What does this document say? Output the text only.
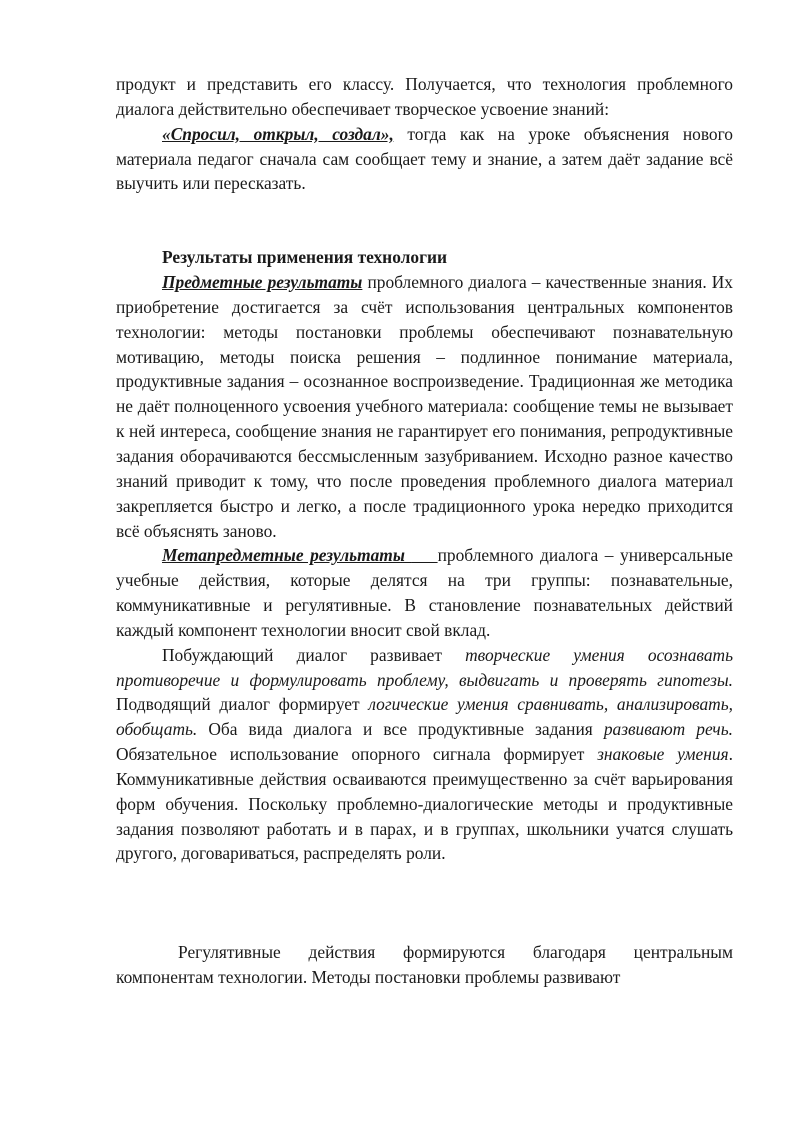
продукт и представить его классу. Получается, что технология проблемного диалога действительно обеспечивает творческое усвоение знаний:

«Спросил, открыл, создал», тогда как на уроке объяснения нового материала педагог сначала сам сообщает тему и знание, а затем даёт задание всё выучить или пересказать.

Результаты применения технологии

Предметные результаты проблемного диалога – качественные знания. Их приобретение достигается за счёт использования центральных компонентов технологии: методы постановки проблемы обеспечивают познавательную мотивацию, методы поиска решения – подлинное понимание материала, продуктивные задания – осознанное воспроизведение. Традиционная же методика не даёт полноценного усвоения учебного материала: сообщение темы не вызывает к ней интереса, сообщение знания не гарантирует его понимания, репродуктивные задания оборачиваются бессмысленным зазубриванием. Исходно разное качество знаний приводит к тому, что после проведения проблемного диалога материал закрепляется быстро и легко, а после традиционного урока нередко приходится всё объяснять заново.

Метапредметные результаты     проблемного диалога – универсальные учебные действия, которые делятся на три группы: познавательные, коммуникативные и регулятивные. В становление познавательных действий каждый компонент технологии вносит свой вклад.

Побуждающий диалог развивает творческие умения осознавать противоречие и формулировать проблему, выдвигать и проверять гипотезы. Подводящий диалог формирует логические умения сравнивать, анализировать, обобщать. Оба вида диалога и все продуктивные задания развивают речь. Обязательное использование опорного сигнала формирует знаковые умения. Коммуникативные действия осваиваются преимущественно за счёт варьирования форм обучения. Поскольку проблемно-диалогические методы и продуктивные задания позволяют работать и в парах, и в группах, школьники учатся слушать другого, договариваться, распределять роли.

Регулятивные действия формируются благодаря центральным компонентам технологии. Методы постановки проблемы развивают
